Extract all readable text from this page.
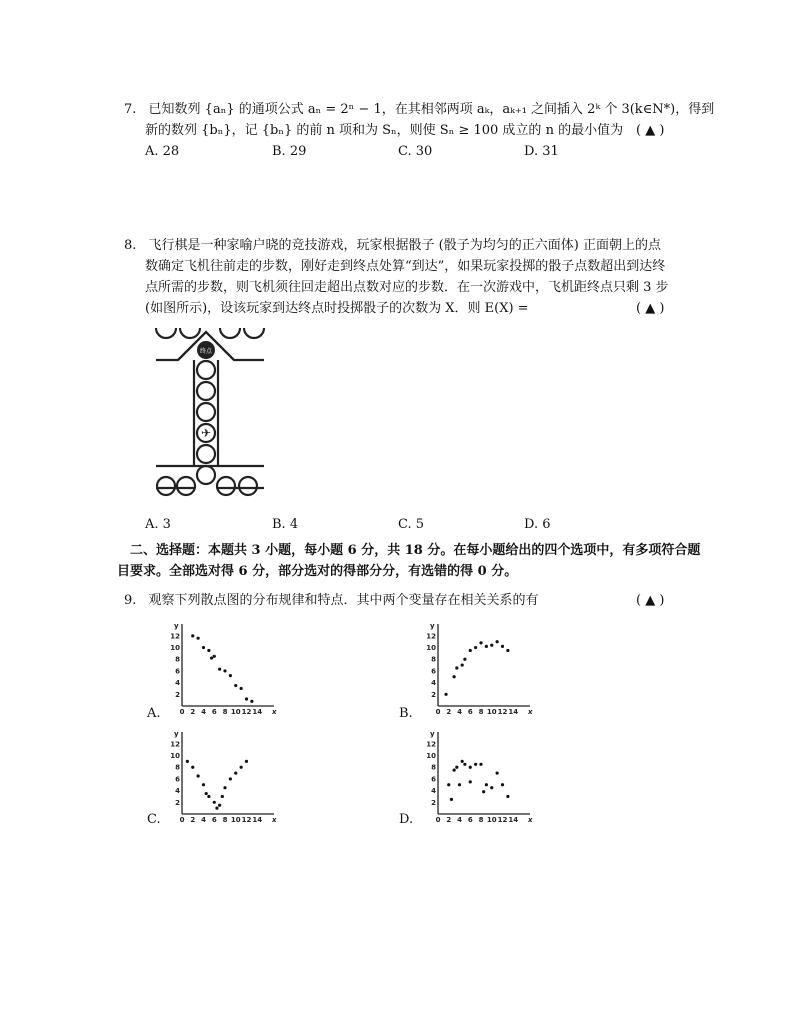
7. 已知数列 {aₙ} 的通项公式 aₙ = 2ⁿ − 1，在其相邻两项 aₖ，aₖ₊₁ 之间插入 2ᵏ 个 3(k∈N*)，得到
新的数列 {bₙ}，记 {bₙ} 的前 n 项和为 Sₙ，则使 Sₙ ≥ 100 成立的 n 的最小值为 ( ▲ )
A. 28	B. 29	C. 30	D. 31
8. 飞行棋是一种家喻户晓的竞技游戏，玩家根据骰子 (骰子为均匀的正六面体) 正面朝上的点
数确定飞机往前走的步数，刚好走到终点处算“到达”，如果玩家投掷的骰子点数超出到达终
点所需的步数，则飞机须往回走超出点数对应的步数．在一次游戏中，飞机距终点只剩 3 步
(如图所示)，设该玩家到达终点时投掷骰子的次数为 X．则 E(X) =	( ▲ )
终点
✈
A. 3	B. 4	C. 5	D. 6
二、选择题：本题共 3 小题，每小题 6 分，共 18 分。在每小题给出的四个选项中，有多项符合题
目要求。全部选对得 6 分，部分选对的得部分分，有选错的得 0 分。
9. 观察下列散点图的分布规律和特点．其中两个变量存在相关关系的有	( ▲ )
y
x
0 2 4 6 8 10 12 14
2
4
6
8
10
12
y
x
0 2 4 6 8 10 12 14
2
4
6
8
10
12
y
x
0 2 4 6 8 10 12 14
2
4
6
8
10
12
y
x
0 2 4 6 8 10 12 14
2
4
6
8
10
12
A.	B.
C.	D.
